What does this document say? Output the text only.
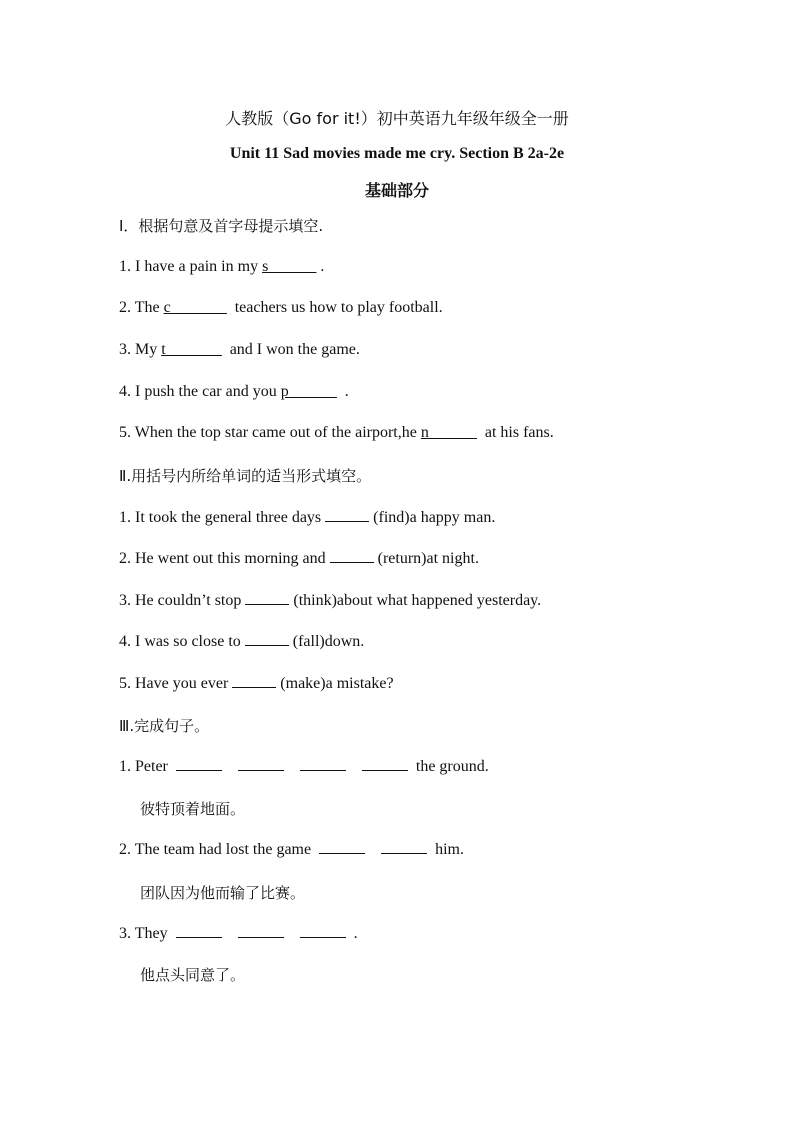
人教版（Go for it!）初中英语九年级年级全一册
Unit 11 Sad movies made me cry. Section B 2a-2e
基础部分
Ⅰ．根据句意及首字母提示填空.
1. I have a pain in my s______ .
2. The c_______  teachers us how to play football.
3. My t_______  and I won the game.
4. I push the car and you p______  .
5. When the top star came out of the airport,he n______  at his fans.
Ⅱ.用括号内所给单词的适当形式填空。
1. It took the general three days	(find)a happy man.
2. He went out this morning and	(return)at night.
3. He couldn’t stop	(think)about what happened yesterday.
4. I was so close to	(fall)down.
5. Have you ever	(make)a mistake?
Ⅲ.完成句子。
1. Peter	the ground.
彼特顶着地面。
2. The team had lost the game	him.
团队因为他而输了比赛。
3. They	.
他点头同意了。
